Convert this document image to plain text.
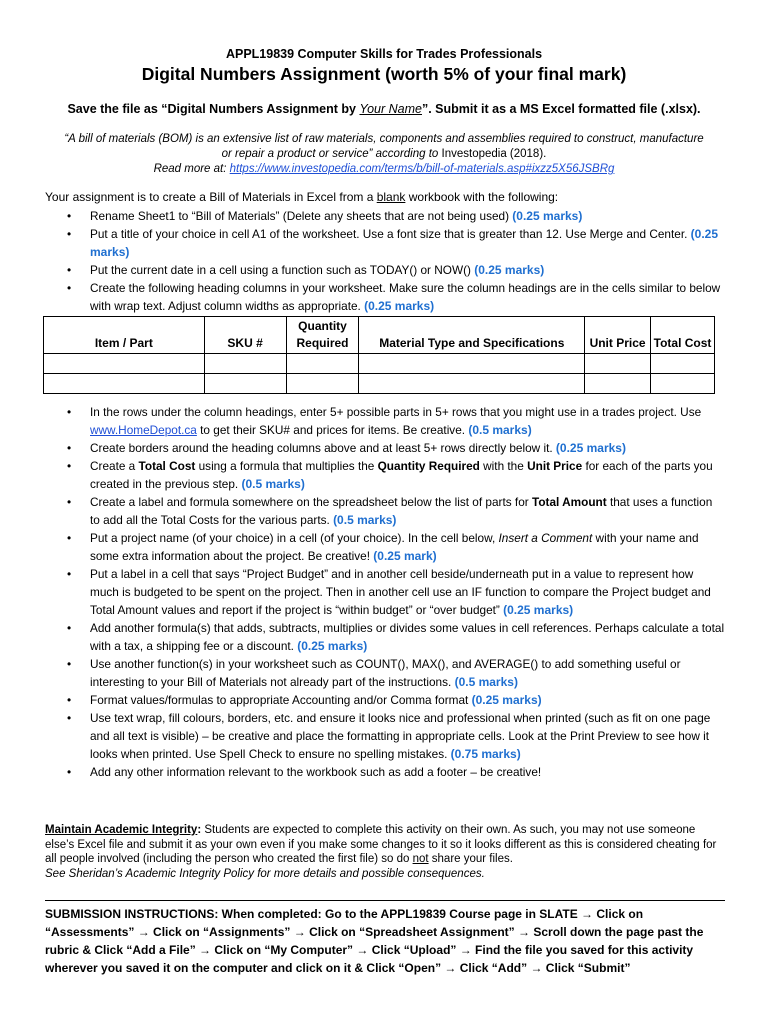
APPL19839 Computer Skills for Trades Professionals
Digital Numbers Assignment (worth 5% of your final mark)
Save the file as “Digital Numbers Assignment by Your Name”. Submit it as a MS Excel formatted file (.xlsx).
“A bill of materials (BOM) is an extensive list of raw materials, components and assemblies required to construct, manufacture or repair a product or service” according to Investopedia (2018).
Read more at: https://www.investopedia.com/terms/b/bill-of-materials.asp#ixzz5X56JSBRg
Your assignment is to create a Bill of Materials in Excel from a blank workbook with the following:
• Rename Sheet1 to “Bill of Materials” (Delete any sheets that are not being used) (0.25 marks)
• Put a title of your choice in cell A1 of the worksheet. Use a font size that is greater than 12. Use Merge and Center. (0.25 marks)
• Put the current date in a cell using a function such as TODAY() or NOW() (0.25 marks)
• Create the following heading columns in your worksheet. Make sure the column headings are in the cells similar to below with wrap text. Adjust column widths as appropriate. (0.25 marks)
Item / Part	SKU #	Quantity Required	Material Type and Specifications	Unit Price	Total Cost

• In the rows under the column headings, enter 5+ possible parts in 5+ rows that you might use in a trades project. Use www.HomeDepot.ca to get their SKU# and prices for items. Be creative. (0.5 marks)
• Create borders around the heading columns above and at least 5+ rows directly below it. (0.25 marks)
• Create a Total Cost using a formula that multiplies the Quantity Required with the Unit Price for each of the parts you created in the previous step. (0.5 marks)
• Create a label and formula somewhere on the spreadsheet below the list of parts for Total Amount that uses a function to add all the Total Costs for the various parts. (0.5 marks)
• Put a project name (of your choice) in a cell (of your choice). In the cell below, Insert a Comment with your name and some extra information about the project. Be creative! (0.25 mark)
• Put a label in a cell that says “Project Budget” and in another cell beside/underneath put in a value to represent how much is budgeted to be spent on the project. Then in another cell use an IF function to compare the Project budget and Total Amount values and report if the project is “within budget” or “over budget” (0.25 marks)
• Add another formula(s) that adds, subtracts, multiplies or divides some values in cell references. Perhaps calculate a total with a tax, a shipping fee or a discount. (0.25 marks)
• Use another function(s) in your worksheet such as COUNT(), MAX(), and AVERAGE() to add something useful or interesting to your Bill of Materials not already part of the instructions. (0.5 marks)
• Format values/formulas to appropriate Accounting and/or Comma format (0.25 marks)
• Use text wrap, fill colours, borders, etc. and ensure it looks nice and professional when printed (such as fit on one page and all text is visible) – be creative and place the formatting in appropriate cells. Look at the Print Preview to see how it looks when printed. Use Spell Check to ensure no spelling mistakes. (0.75 marks)
• Add any other information relevant to the workbook such as add a footer – be creative!
Maintain Academic Integrity: Students are expected to complete this activity on their own. As such, you may not use someone else’s Excel file and submit it as your own even if you make some changes to it so it looks different as this is considered cheating for all people involved (including the person who created the first file) so do not share your files.
See Sheridan’s Academic Integrity Policy for more details and possible consequences.
SUBMISSION INSTRUCTIONS: When completed: Go to the APPL19839 Course page in SLATE → Click on “Assessments” → Click on “Assignments” → Click on “Spreadsheet Assignment” → Scroll down the page past the rubric & Click “Add a File” → Click on “My Computer” → Click “Upload” → Find the file you saved for this activity wherever you saved it on the computer and click on it & Click “Open” → Click “Add” → Click “Submit”
